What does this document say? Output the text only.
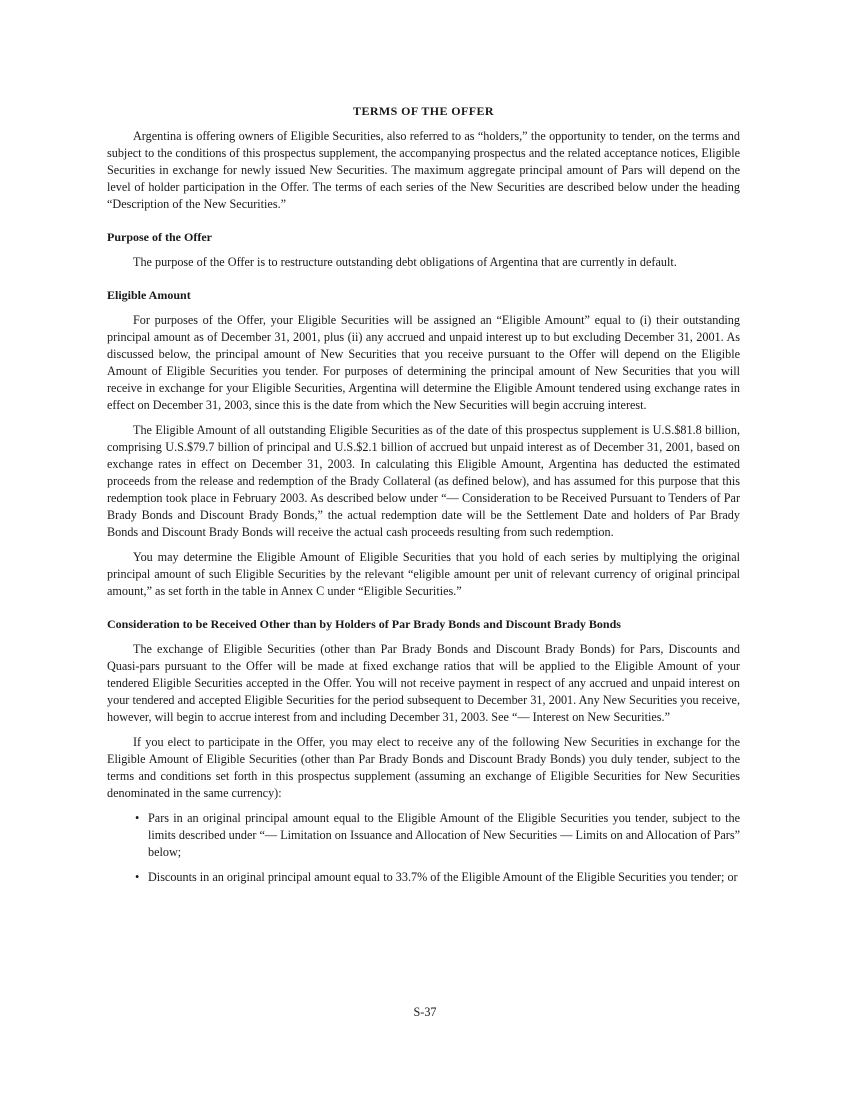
TERMS OF THE OFFER

Argentina is offering owners of Eligible Securities, also referred to as “holders,” the opportunity to tender, on the terms and subject to the conditions of this prospectus supplement, the accompanying prospectus and the related acceptance notices, Eligible Securities in exchange for newly issued New Securities. The maximum aggregate principal amount of Pars will depend on the level of holder participation in the Offer. The terms of each series of the New Securities are described below under the heading “Description of the New Securities.”

Purpose of the Offer

The purpose of the Offer is to restructure outstanding debt obligations of Argentina that are currently in default.

Eligible Amount

For purposes of the Offer, your Eligible Securities will be assigned an “Eligible Amount” equal to (i) their outstanding principal amount as of December 31, 2001, plus (ii) any accrued and unpaid interest up to but excluding December 31, 2001. As discussed below, the principal amount of New Securities that you receive pursuant to the Offer will depend on the Eligible Amount of Eligible Securities you tender. For purposes of determining the principal amount of New Securities that you will receive in exchange for your Eligible Securities, Argentina will determine the Eligible Amount tendered using exchange rates in effect on December 31, 2003, since this is the date from which the New Securities will begin accruing interest.

The Eligible Amount of all outstanding Eligible Securities as of the date of this prospectus supplement is U.S.$81.8 billion, comprising U.S.$79.7 billion of principal and U.S.$2.1 billion of accrued but unpaid interest as of December 31, 2001, based on exchange rates in effect on December 31, 2003. In calculating this Eligible Amount, Argentina has deducted the estimated proceeds from the release and redemption of the Brady Collateral (as defined below), and has assumed for this purpose that this redemption took place in February 2003. As described below under “— Consideration to be Received Pursuant to Tenders of Par Brady Bonds and Discount Brady Bonds,” the actual redemption date will be the Settlement Date and holders of Par Brady Bonds and Discount Brady Bonds will receive the actual cash proceeds resulting from such redemption.

You may determine the Eligible Amount of Eligible Securities that you hold of each series by multiplying the original principal amount of such Eligible Securities by the relevant “eligible amount per unit of relevant currency of original principal amount,” as set forth in the table in Annex C under “Eligible Securities.”

Consideration to be Received Other than by Holders of Par Brady Bonds and Discount Brady Bonds

The exchange of Eligible Securities (other than Par Brady Bonds and Discount Brady Bonds) for Pars, Discounts and Quasi-pars pursuant to the Offer will be made at fixed exchange ratios that will be applied to the Eligible Amount of your tendered Eligible Securities accepted in the Offer. You will not receive payment in respect of any accrued and unpaid interest on your tendered and accepted Eligible Securities for the period subsequent to December 31, 2001. Any New Securities you receive, however, will begin to accrue interest from and including December 31, 2003. See “— Interest on New Securities.”

If you elect to participate in the Offer, you may elect to receive any of the following New Securities in exchange for the Eligible Amount of Eligible Securities (other than Par Brady Bonds and Discount Brady Bonds) you duly tender, subject to the terms and conditions set forth in this prospectus supplement (assuming an exchange of Eligible Securities for New Securities denominated in the same currency):

• Pars in an original principal amount equal to the Eligible Amount of the Eligible Securities you tender, subject to the limits described under “— Limitation on Issuance and Allocation of New Securities — Limits on and Allocation of Pars” below;
• Discounts in an original principal amount equal to 33.7% of the Eligible Amount of the Eligible Securities you tender; or
S-37
